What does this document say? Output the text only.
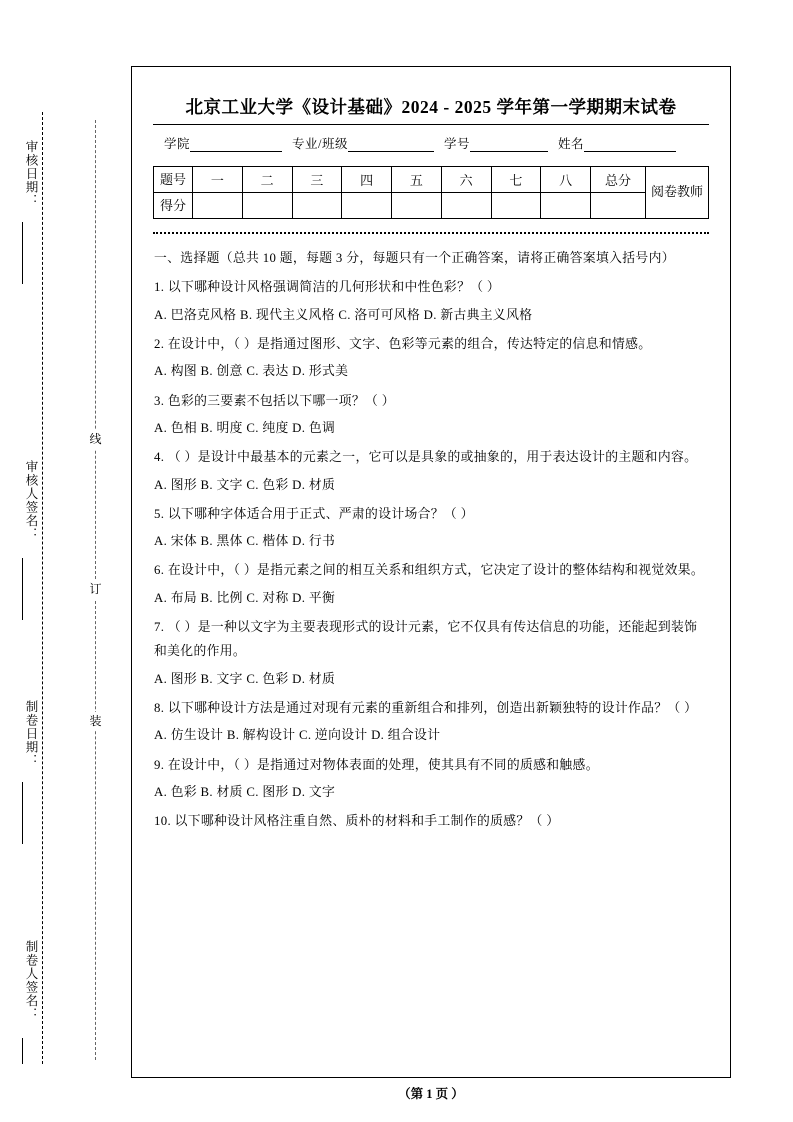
审核日期：
审核人签名：
制卷日期：
制卷人签名：
线
订
装
北京工业大学《设计基础》2024 - 2025 学年第一学期期末试卷
学院	专业/班级	学号	姓名
题号	一	二	三	四	五	六	七	八	总分	阅卷教师
得分										

一、选择题（总共 10 题，每题 3 分，每题只有一个正确答案，请将正确答案填入括号内）

1. 以下哪种设计风格强调简洁的几何形状和中性色彩？（ ）

A. 巴洛克风格 B. 现代主义风格 C. 洛可可风格 D. 新古典主义风格

2. 在设计中，（ ）是指通过图形、文字、色彩等元素的组合，传达特定的信息和情感。

A. 构图 B. 创意 C. 表达 D. 形式美

3. 色彩的三要素不包括以下哪一项？（ ）

A. 色相 B. 明度 C. 纯度 D. 色调

4. （ ）是设计中最基本的元素之一，它可以是具象的或抽象的，用于表达设计的主题和内容。

A. 图形 B. 文字 C. 色彩 D. 材质

5. 以下哪种字体适合用于正式、严肃的设计场合？（ ）

A. 宋体 B. 黑体 C. 楷体 D. 行书

6. 在设计中，（ ）是指元素之间的相互关系和组织方式，它决定了设计的整体结构和视觉效果。

A. 布局 B. 比例 C. 对称 D. 平衡

7. （ ）是一种以文字为主要表现形式的设计元素，它不仅具有传达信息的功能，还能起到装饰和美化的作用。

A. 图形 B. 文字 C. 色彩 D. 材质

8. 以下哪种设计方法是通过对现有元素的重新组合和排列，创造出新颖独特的设计作品？（ ）

A. 仿生设计 B. 解构设计 C. 逆向设计 D. 组合设计

9. 在设计中，（ ）是指通过对物体表面的处理，使其具有不同的质感和触感。

A. 色彩 B. 材质 C. 图形 D. 文字

10. 以下哪种设计风格注重自然、质朴的材料和手工制作的质感？（ ）

（第 1 页 ）
